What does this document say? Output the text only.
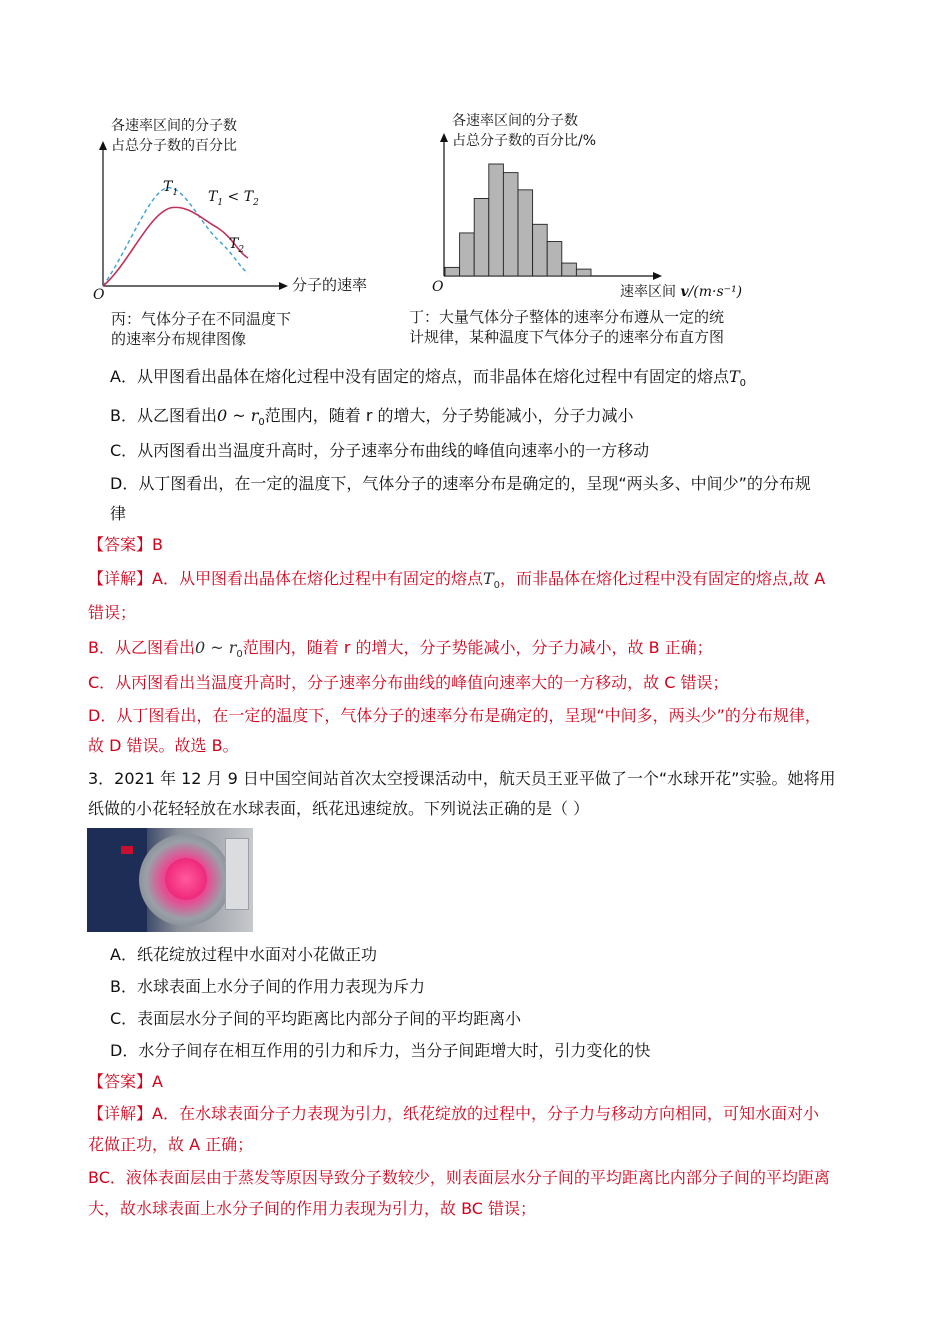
各速率区间的分子数
占总分子数的百分比
$T_1$ $T_1 < T_2$
$T_2$
O
分子的速率
丙：气体分子在不同温度下
的速率分布规律图像
各速率区间的分子数
占总分子数的百分比/%
O	速率区间 v/(m·s⁻¹)
丁：大量气体分子整体的速率分布遵从一定的统
计规律，某种温度下气体分子的速率分布直方图
A．从甲图看出晶体在熔化过程中没有固定的熔点，而非晶体在熔化过程中有固定的熔点$T_0$
B．从乙图看出0 ~ $r_0$范围内，随着 r 的增大，分子势能减小，分子力减小
C．从丙图看出当温度升高时，分子速率分布曲线的峰值向速率小的一方移动
D．从丁图看出，在一定的温度下，气体分子的速率分布是确定的，呈现“两头多、中间少”的分布规
律
【答案】B
【详解】A．从甲图看出晶体在熔化过程中有固定的熔点$T_0$，而非晶体在熔化过程中没有固定的熔点,故 A
错误；
B．从乙图看出0 ~ $r_0$范围内，随着 r 的增大，分子势能减小，分子力减小，故 B 正确；
C．从丙图看出当温度升高时，分子速率分布曲线的峰值向速率大的一方移动，故 C 错误；
D．从丁图看出，在一定的温度下，气体分子的速率分布是确定的，呈现“中间多，两头少”的分布规律，
故 D 错误。故选 B。
3．2021 年 12 月 9 日中国空间站首次太空授课活动中，航天员王亚平做了一个“水球开花”实验。她将用
纸做的小花轻轻放在水球表面，纸花迅速绽放。下列说法正确的是（ ）
A．纸花绽放过程中水面对小花做正功
B．水球表面上水分子间的作用力表现为斥力
C．表面层水分子间的平均距离比内部分子间的平均距离小
D．水分子间存在相互作用的引力和斥力，当分子间距增大时，引力变化的快
【答案】A
【详解】A．在水球表面分子力表现为引力，纸花绽放的过程中，分子力与移动方向相同，可知水面对小
花做正功，故 A 正确；
BC．液体表面层由于蒸发等原因导致分子数较少，则表面层水分子间的平均距离比内部分子间的平均距离
大，故水球表面上水分子间的作用力表现为引力，故 BC 错误；
